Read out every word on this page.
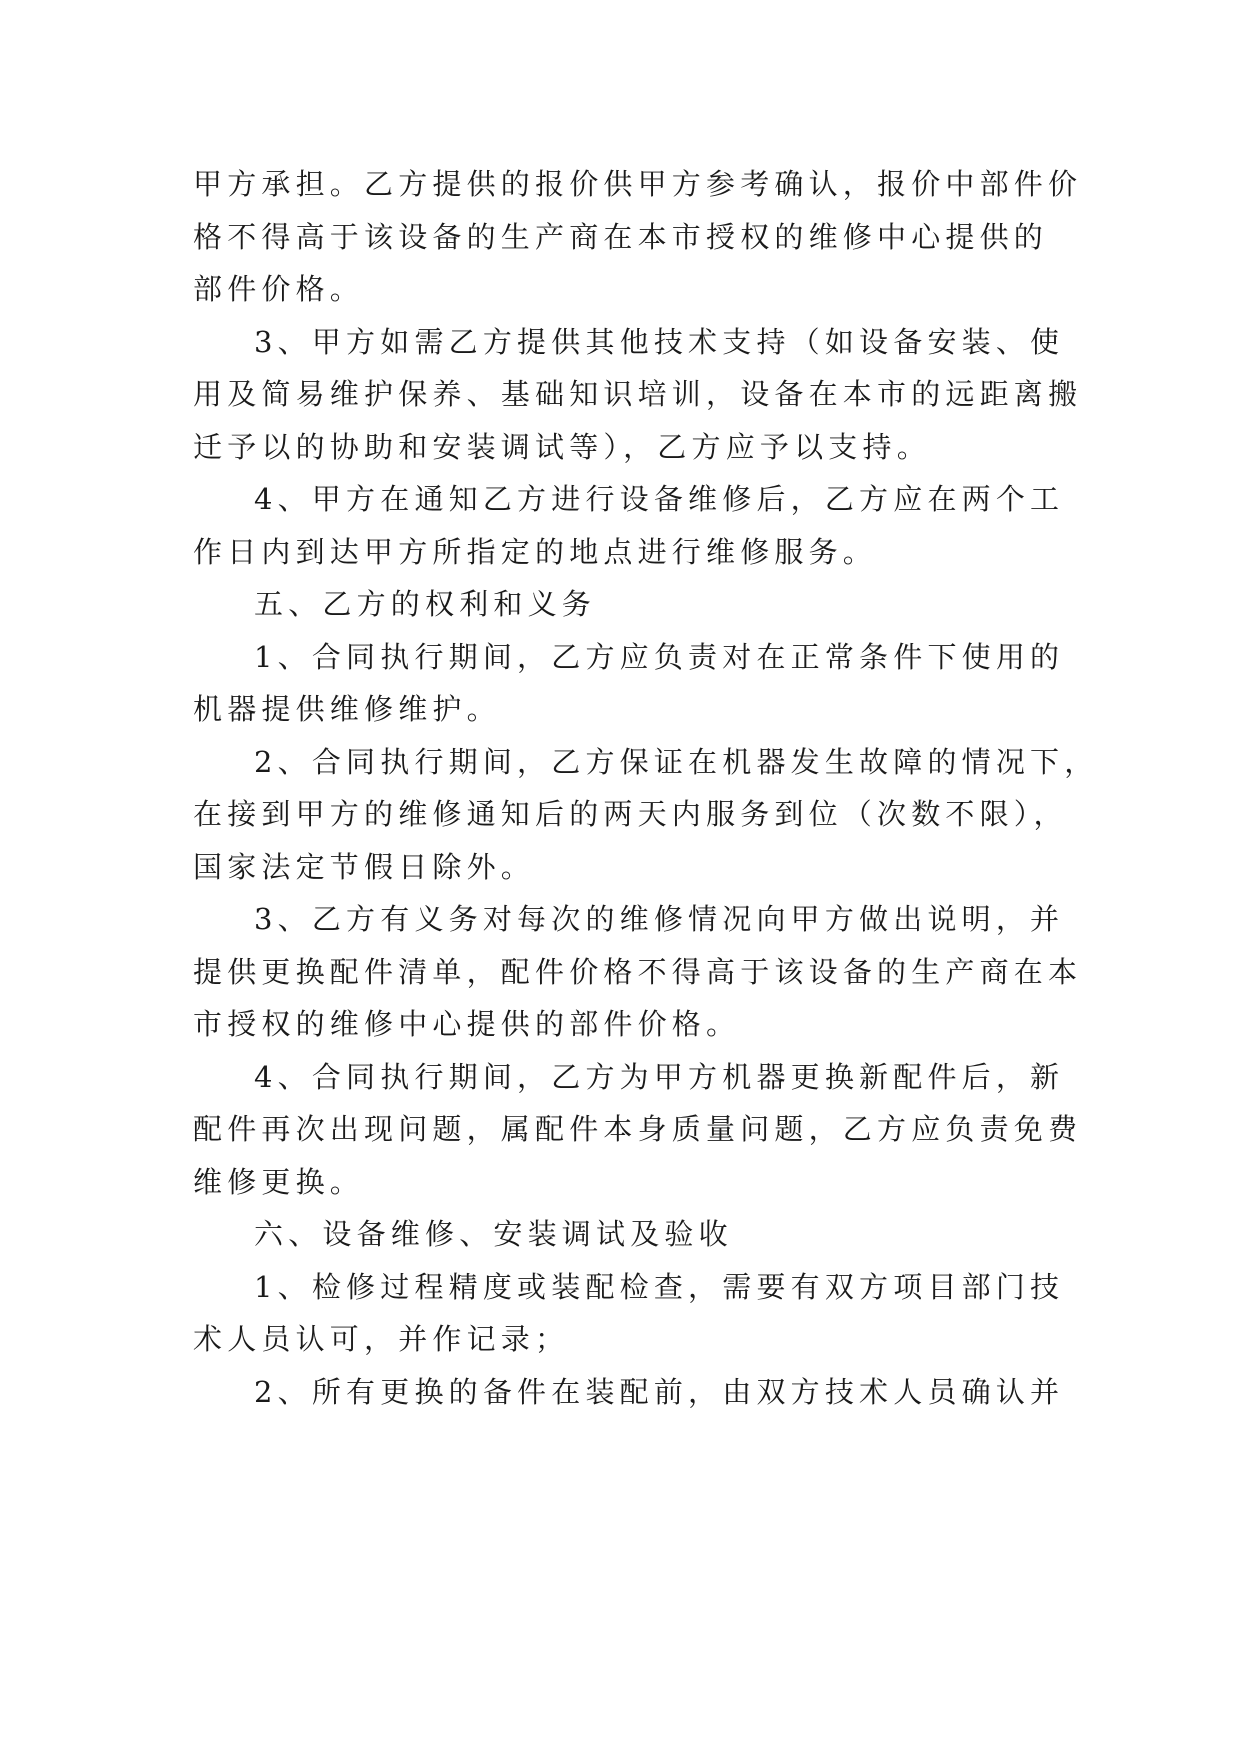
甲方承担。乙方提供的报价供甲方参考确认，报价中部件价
格不得高于该设备的生产商在本市授权的维修中心提供的
部件价格。
3、甲方如需乙方提供其他技术支持（如设备安装、使
用及简易维护保养、基础知识培训，设备在本市的远距离搬
迁予以的协助和安装调试等），乙方应予以支持。
4、甲方在通知乙方进行设备维修后，乙方应在两个工
作日内到达甲方所指定的地点进行维修服务。
五、乙方的权利和义务
1、合同执行期间，乙方应负责对在正常条件下使用的
机器提供维修维护。
2、合同执行期间，乙方保证在机器发生故障的情况下，
在接到甲方的维修通知后的两天内服务到位（次数不限），
国家法定节假日除外。
3、乙方有义务对每次的维修情况向甲方做出说明，并
提供更换配件清单，配件价格不得高于该设备的生产商在本
市授权的维修中心提供的部件价格。
4、合同执行期间，乙方为甲方机器更换新配件后，新
配件再次出现问题，属配件本身质量问题，乙方应负责免费
维修更换。
六、设备维修、安装调试及验收
1、检修过程精度或装配检查，需要有双方项目部门技
术人员认可，并作记录；
2、所有更换的备件在装配前，由双方技术人员确认并
